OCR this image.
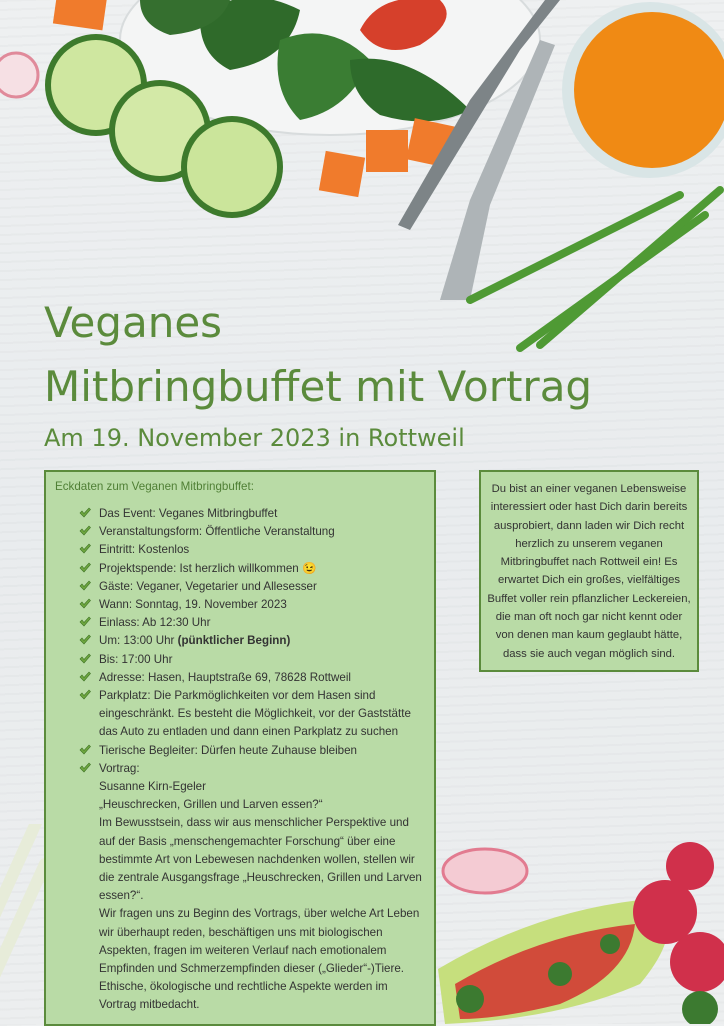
Veganes
Mitbringbuffet mit Vortrag
Am 19. November 2023 in Rottweil
Eckdaten zum Veganen Mitbringbuffet:
Das Event: Veganes Mitbringbuffet
Veranstaltungsform: Öffentliche Veranstaltung
Eintritt: Kostenlos
Projektspende: Ist herzlich willkommen 😉
Gäste: Veganer, Vegetarier und Allesesser
Wann: Sonntag, 19. November 2023
Einlass: Ab 12:30 Uhr
Um: 13:00 Uhr (pünktlicher Beginn)
Bis: 17:00 Uhr
Adresse: Hasen, Hauptstraße 69, 78628 Rottweil
Parkplatz: Die Parkmöglichkeiten vor dem Hasen sind eingeschränkt. Es besteht die Möglichkeit, vor der Gaststätte das Auto zu entladen und dann einen Parkplatz zu suchen
Tierische Begleiter: Dürfen heute Zuhause bleiben
Vortrag:
Susanne Kirn-Egeler
„Heuschrecken, Grillen und Larven essen?“
Im Bewusstsein, dass wir aus menschlicher Perspektive und auf der Basis „menschengemachter Forschung“ über eine bestimmte Art von Lebewesen nachdenken wollen, stellen wir die zentrale Ausgangsfrage „Heuschrecken, Grillen und Larven essen?“.
Wir fragen uns zu Beginn des Vortrags, über welche Art Leben wir überhaupt reden, beschäftigen uns mit biologischen Aspekten, fragen im weiteren Verlauf nach emotionalem Empfinden und Schmerzempfinden dieser („Glieder“-)Tiere. Ethische, ökologische und rechtliche Aspekte werden im Vortrag mitbedacht.
Du bist an einer veganen Lebensweise interessiert oder hast Dich darin bereits ausprobiert, dann laden wir Dich recht herzlich zu unserem veganen Mitbringbuffet nach Rottweil ein! Es erwartet Dich ein großes, vielfältiges Buffet voller rein pflanzlicher Leckereien, die man oft noch gar nicht kennt oder von denen man kaum geglaubt hätte, dass sie auch vegan möglich sind.
